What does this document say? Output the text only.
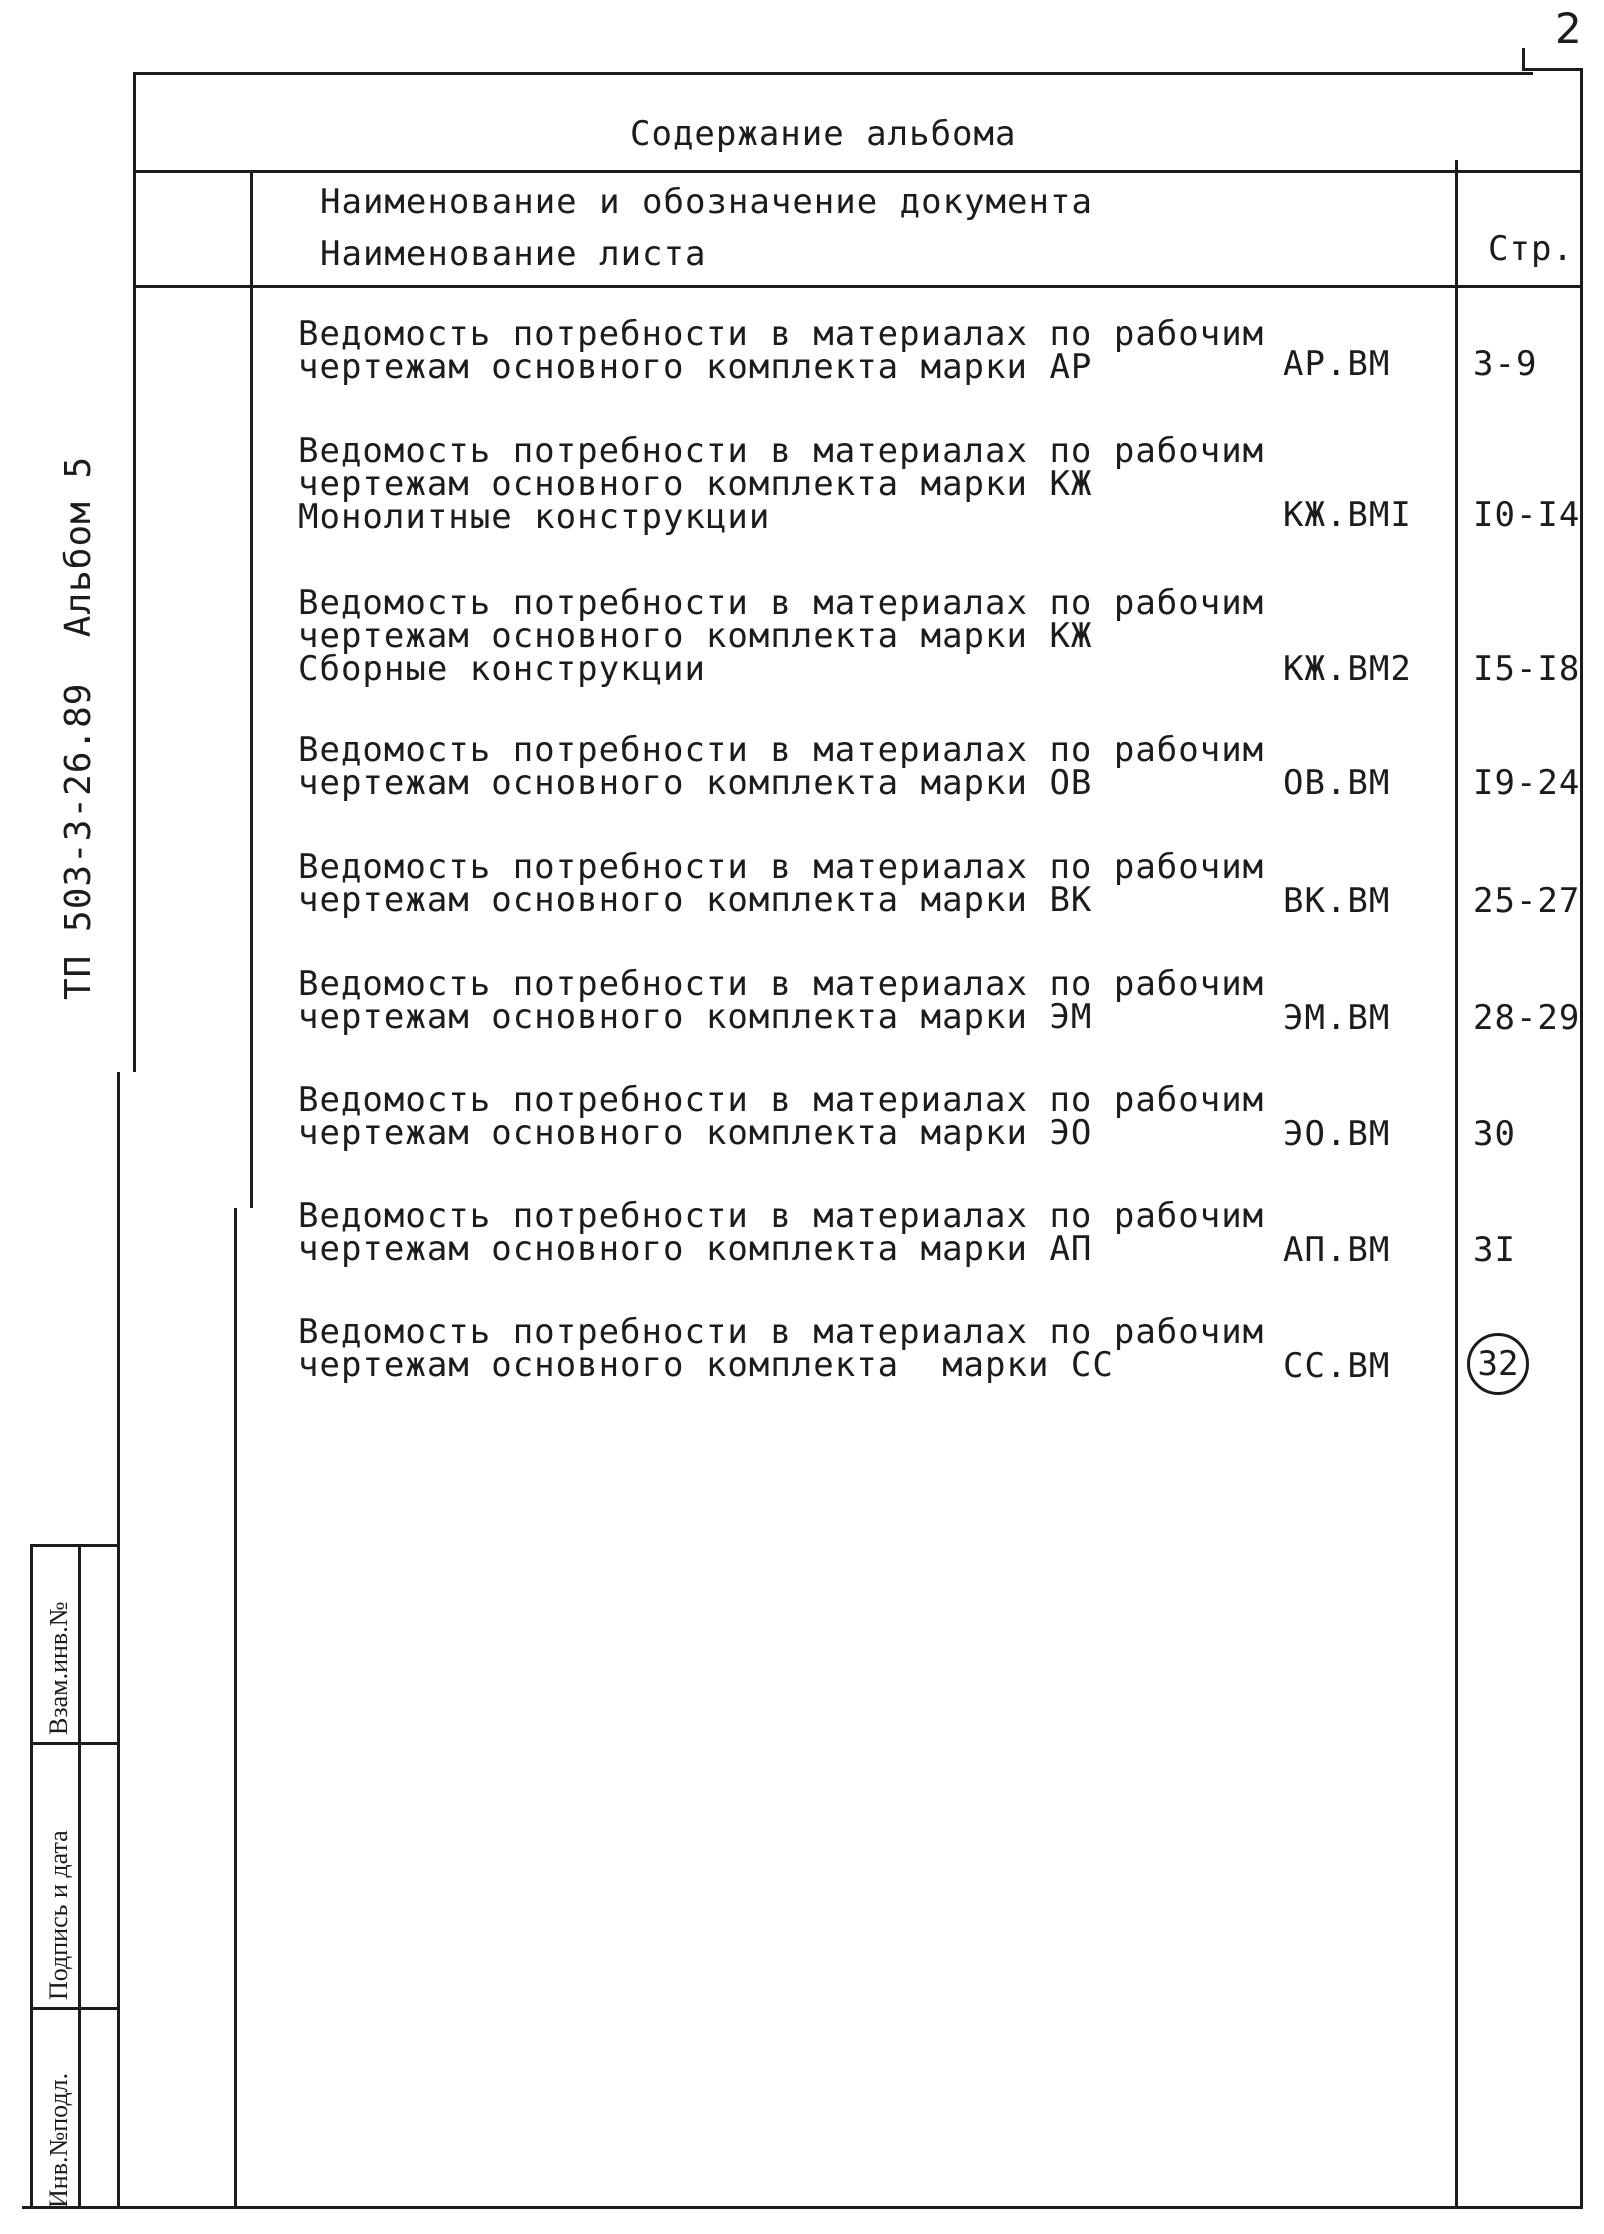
2
Содержание альбома
Наименование и обозначение документа
Наименование листа	Стр.
ТП 503-3-26.89  Альбом 5
Инв.№подл.
Подпись и дата
Взам.инв.№
Ведомость потребности в материалах по рабочим
чертежам основного комплекта марки АР	АР.ВМ 3-9
Ведомость потребности в материалах по рабочим
чертежам основного комплекта марки КЖ
Монолитные конструкции	КЖ.ВМI I0-I4
Ведомость потребности в материалах по рабочим
чертежам основного комплекта марки КЖ
Сборные конструкции	КЖ.ВМ2 I5-I8
Ведомость потребности в материалах по рабочим
чертежам основного комплекта марки ОВ	ОВ.ВМ I9-24
Ведомость потребности в материалах по рабочим
чертежам основного комплекта марки ВК	ВК.ВМ 25-27
Ведомость потребности в материалах по рабочим
чертежам основного комплекта марки ЭМ	ЭМ.ВМ 28-29
Ведомость потребности в материалах по рабочим
чертежам основного комплекта марки ЭО	ЭО.ВМ 30
Ведомость потребности в материалах по рабочим
чертежам основного комплекта марки АП	АП.ВМ 3I
Ведомость потребности в материалах по рабочим
чертежам основного комплекта  марки СС	СС.ВМ	32
